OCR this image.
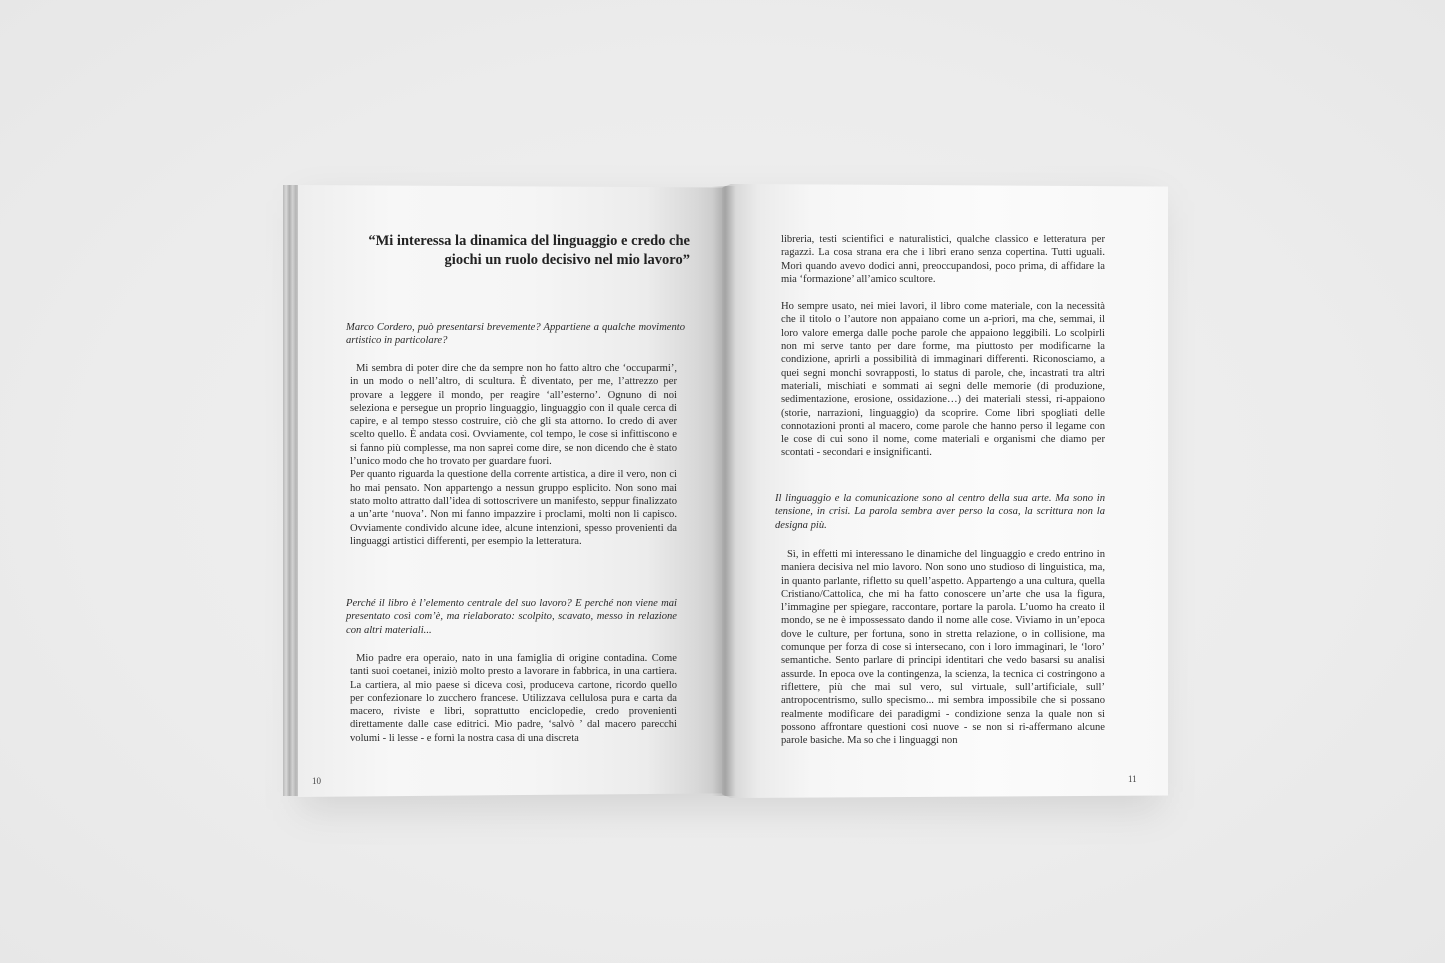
“Mi interessa la dinamica del linguaggio e credo che giochi un ruolo decisivo nel mio lavoro”
Marco Cordero, può presentarsi brevemente? Appartiene a qualche movimento artistico in particolare?

Mi sembra di poter dire che da sempre non ho fatto altro che ‘occuparmi’, in un modo o nell’altro, di scultura. È diventato, per me, l’attrezzo per provare a leggere il mondo, per reagire ‘all’esterno’. Ognuno di noi seleziona e persegue un proprio linguaggio, linguaggio con il quale cerca di capire, e al tempo stesso costruire, ciò che gli sta attorno. Io credo di aver scelto quello. È andata così. Ovviamente, col tempo, le cose si infittiscono e si fanno più complesse, ma non saprei come dire, se non dicendo che è stato l’unico modo che ho trovato per guardare fuori.

Per quanto riguarda la questione della corrente artistica, a dire il vero, non ci ho mai pensato. Non appartengo a nessun gruppo esplicito. Non sono mai stato molto attratto dall’idea di sottoscrivere un manifesto, seppur finalizzato a un’arte ‘nuova’. Non mi fanno impazzire i proclami, molti non li capisco. Ovviamente condivido alcune idee, alcune intenzioni, spesso provenienti da linguaggi artistici differenti, per esempio la letteratura.

Perché il libro è l’elemento centrale del suo lavoro? E perché non viene mai presentato così com’è, ma rielaborato: scolpito, scavato, messo in relazione con altri materiali...

Mio padre era operaio, nato in una famiglia di origine contadina. Come tanti suoi coetanei, iniziò molto presto a lavorare in fabbrica, in una cartiera. La cartiera, al mio paese si diceva così, produceva cartone, ricordo quello per confezionare lo zucchero francese. Utilizzava cellulosa pura e carta da macero, riviste e libri, soprattutto enciclopedie, credo provenienti direttamente dalle case editrici. Mio padre, ‘salvò ’ dal macero parecchi volumi - li lesse - e fornì la nostra casa di una discreta

10

libreria, testi scientifici e naturalistici, qualche classico e letteratura per ragazzi. La cosa strana era che i libri erano senza copertina. Tutti uguali. Morì quando avevo dodici anni, preoccupandosi, poco prima, di affidare la mia ‘formazione’ all’amico scultore.

Ho sempre usato, nei miei lavori, il libro come materiale, con la necessità che il titolo o l’autore non appaiano come un a-priori, ma che, semmai, il loro valore emerga dalle poche parole che appaiono leggibili. Lo scolpirli non mi serve tanto per dare forme, ma piuttosto per modificarne la condizione, aprirli a possibilità di immaginari differenti. Riconosciamo, a quei segni monchi sovrapposti, lo status di parole, che, incastrati tra altri materiali, mischiati e sommati ai segni delle memorie (di produzione, sedimentazione, erosione, ossidazione…) dei materiali stessi, ri-appaiono (storie, narrazioni, linguaggio) da scoprire. Come libri spogliati delle connotazioni pronti al macero, come parole che hanno perso il legame con le cose di cui sono il nome, come materiali e organismi che diamo per scontati - secondari e insignificanti.

Il linguaggio e la comunicazione sono al centro della sua arte. Ma sono in tensione, in crisi. La parola sembra aver perso la cosa, la scrittura non la designa più.

Sì, in effetti mi interessano le dinamiche del linguaggio e credo entrino in maniera decisiva nel mio lavoro. Non sono uno studioso di linguistica, ma, in quanto parlante, rifletto su quell’aspetto. Appartengo a una cultura, quella Cristiano/Cattolica, che mi ha fatto conoscere un’arte che usa la figura, l’immagine per spiegare, raccontare, portare la parola. L’uomo ha creato il mondo, se ne è impossessato dando il nome alle cose. Viviamo in un’epoca dove le culture, per fortuna, sono in stretta relazione, o in collisione, ma comunque per forza di cose si intersecano, con i loro immaginari, le ‘loro’ semantiche. Sento parlare di principi identitari che vedo basarsi su analisi assurde. In epoca ove la contingenza, la scienza, la tecnica ci costringono a riflettere, più che mai sul vero, sul virtuale, sull’artificiale, sull’ antropocentrismo, sullo specismo... mi sembra impossibile che si possano realmente modificare dei paradigmi - condizione senza la quale non si possono affrontare questioni così nuove - se non si ri-affermano alcune parole basiche. Ma so che i linguaggi non

11
